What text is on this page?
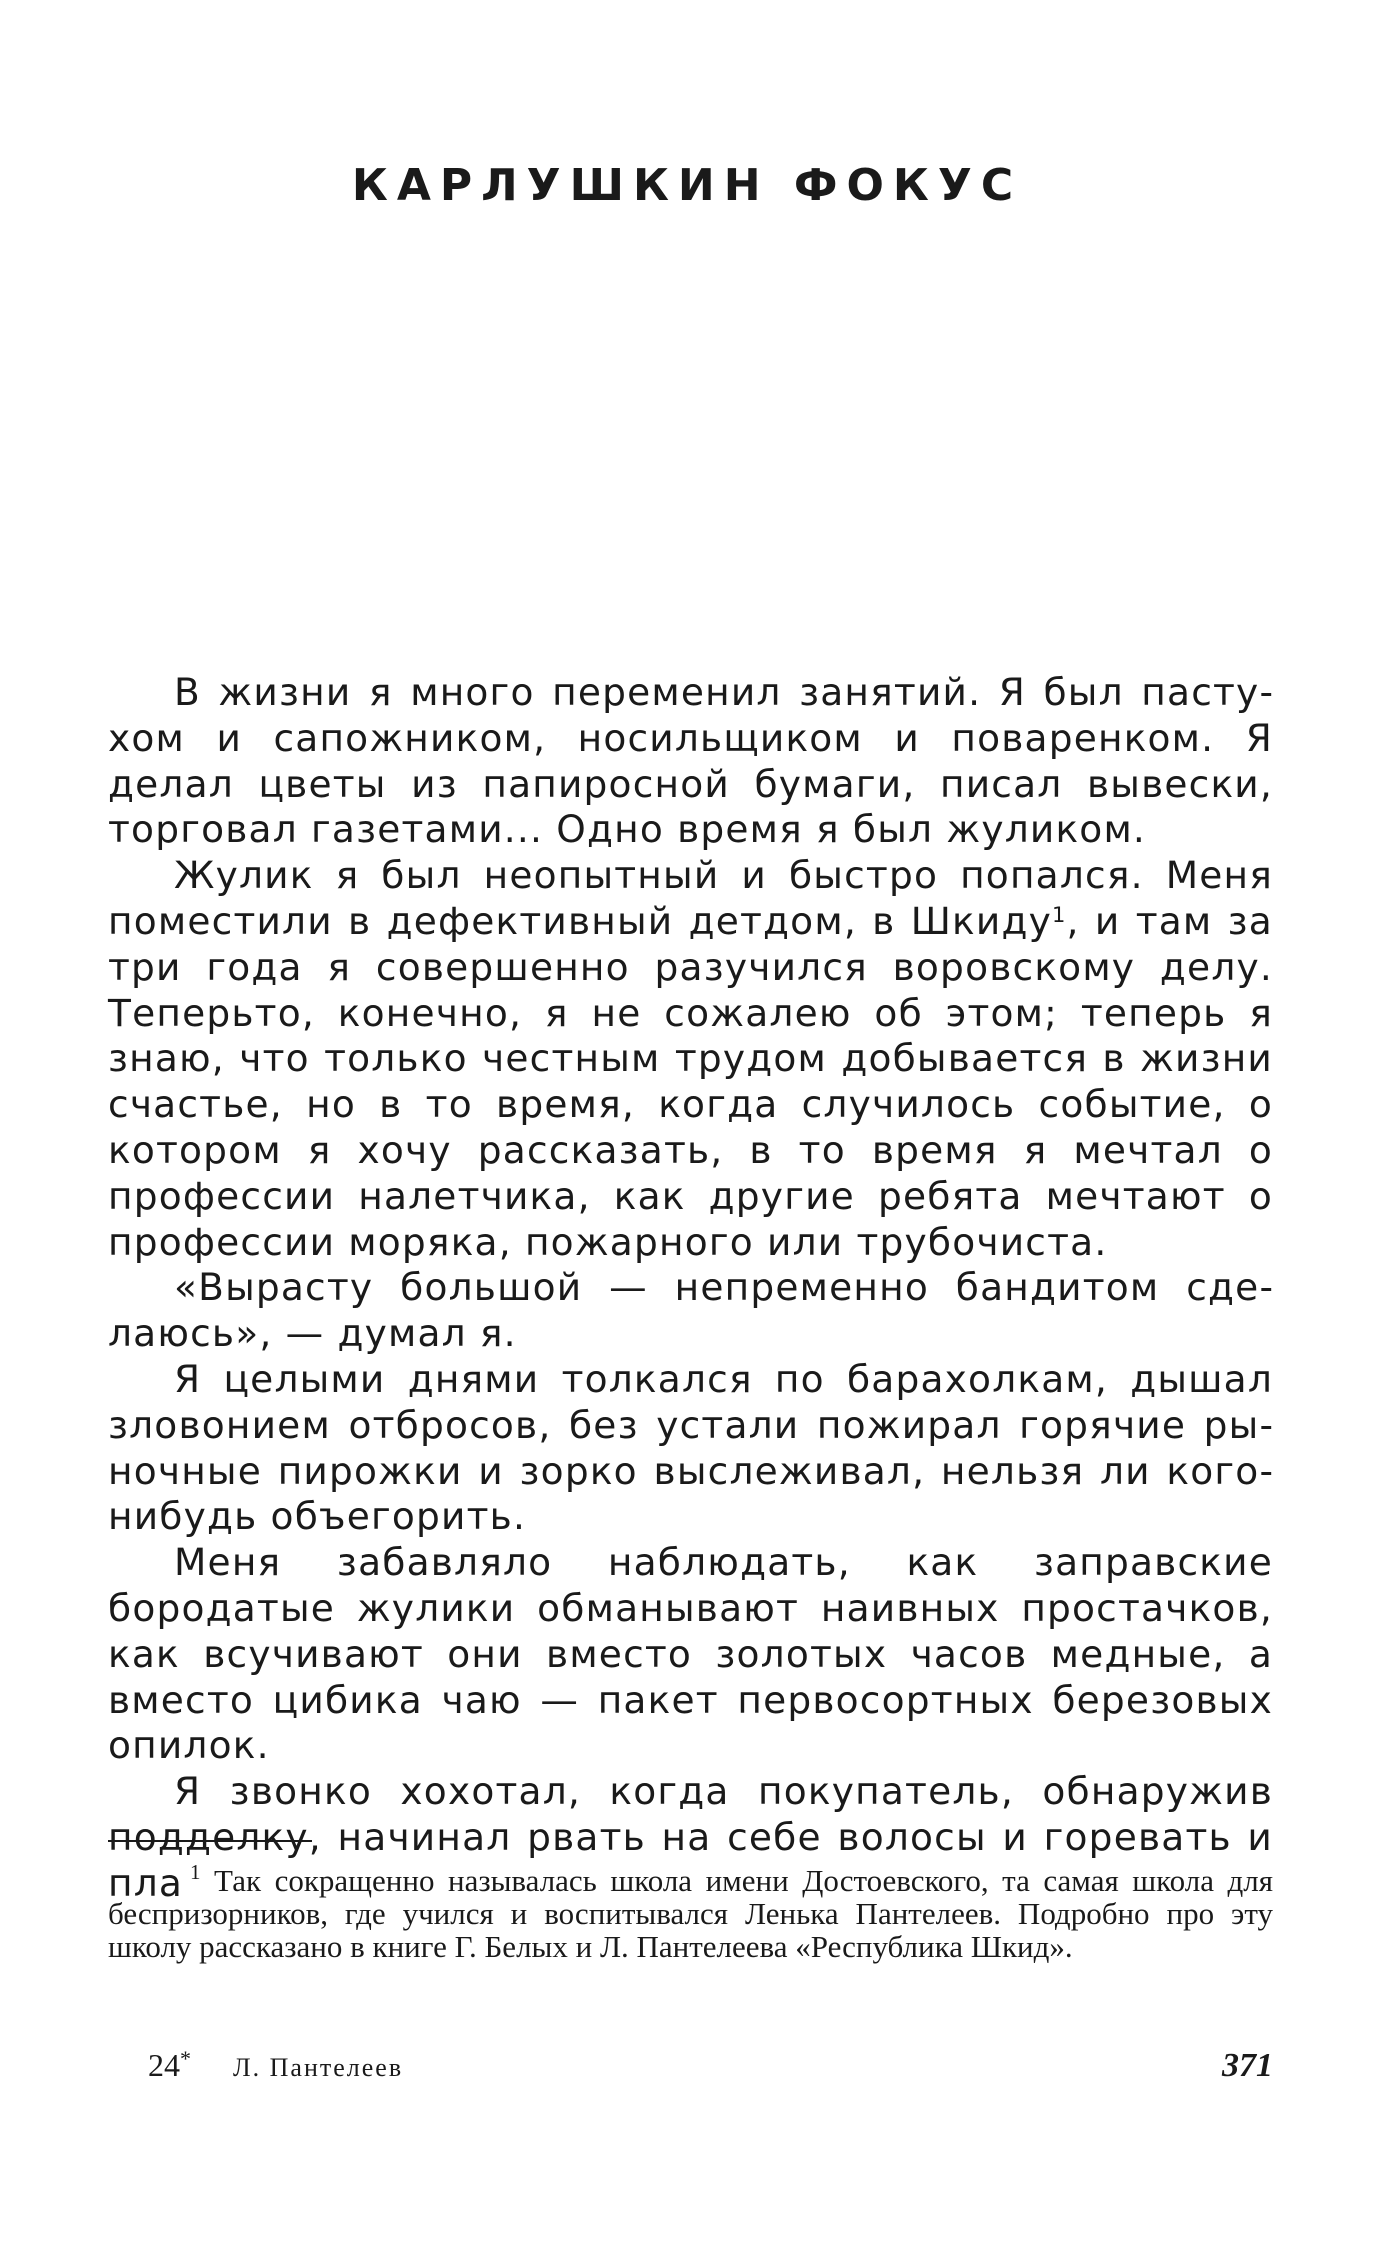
КАРЛУШКИН ФОКУС

В жизни я много переменил занятий. Я был пастухом и сапожником, носильщиком и поваренком. Я делал цветы из папиросной бумаги, писал вывески, торговал газетами... Одно время я был жуликом.

Жулик я был неопытный и быстро попался. Меня поместили в дефективный детдом, в Шкиду$^1$, и там за три года я совершенно разучился воровскому делу. Теперьто, конечно, я не сожалею об этом; теперь я знаю, что только честным трудом добывается в жизни счастье, но в то время, когда случилось событие, о котором я хочу рассказать, в то время я мечтал о профессии налетчика, как другие ребята мечтают о профессии моряка, пожарного или трубочиста.

«Вырасту большой — непременно бандитом сделаюсь», — думал я.

Я целыми днями толкался по барахолкам, дышал зловонием отбросов, без устали пожирал горячие рыночные пирожки и зорко выслеживал, нельзя ли когонибудь объегорить.

Меня забавляло наблюдать, как заправские бородатые жулики обманывают наивных простачков, как всучивают они вместо золотых часов медные, а вместо цибика чаю — пакет первосортных березовых опилок.

Я звонко хохотал, когда покупатель, обнаружив подделку, начинал рвать на себе волосы и горевать и пла $^1$ Так сокращенно называлась школа имени Достоевского, та самая школа для беспризорников, где учился и воспитывался Ленька Пантелеев. Подробно про эту школу рассказано в книге Г. Белых и Л. Пантелеева «Республика Шкид».

24* Л. Пантелеев	371
